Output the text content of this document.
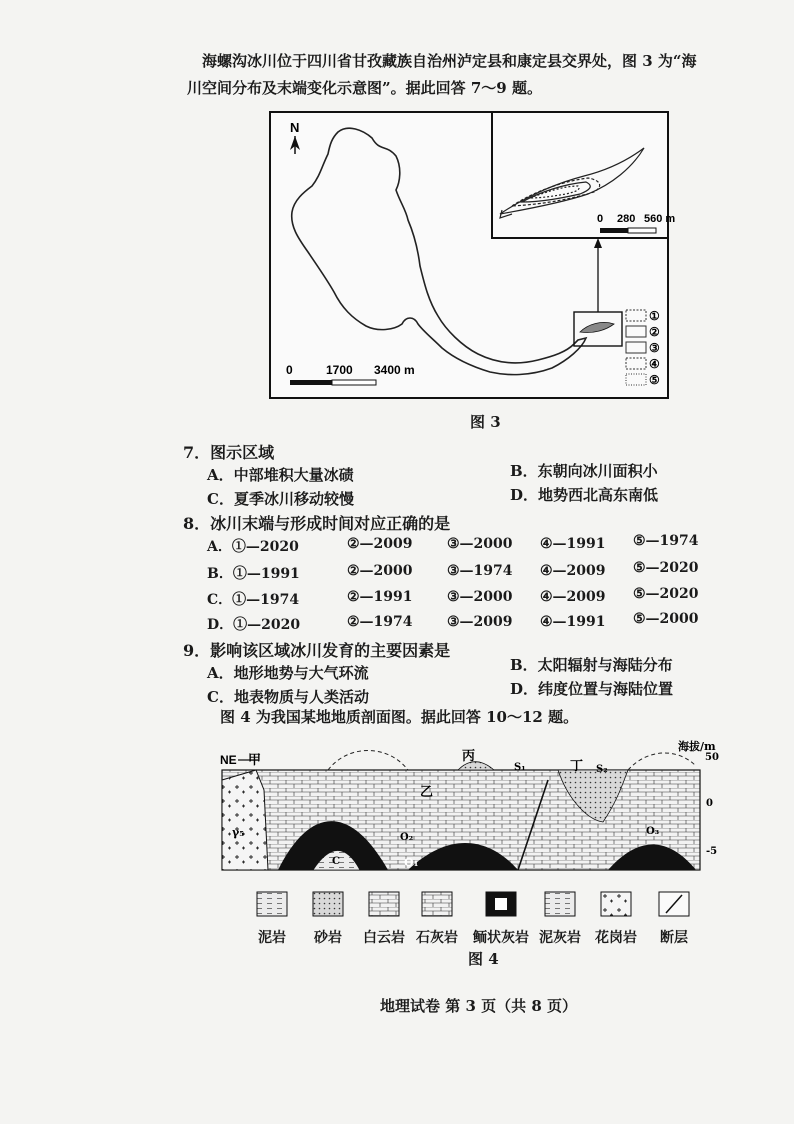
海螺沟冰川位于四川省甘孜藏族自治州泸定县和康定县交界处，图 3 为“海

川空间分布及末端变化示意图”。据此回答 7～9 题。

N
0 280 560 m
0	1700 3400 m
①
②
③
④
⑤
图 3
7．图示区域
A．中部堆积大量冰碛	B．东朝向冰川面积小
C．夏季冰川移动较慢	D．地势西北高东南低
8．冰川末端与形成时间对应正确的是
A．①—2020	②—2009 ③—2000 ④—1991 ⑤—1974
B．①—1991	②—2000 ③—1974 ④—2009 ⑤—2020
C．①—1974	②—1991 ③—2000 ④—2009 ⑤—2020
D．①—2020	②—1974 ③—2009 ④—1991 ⑤—2000
9．影响该区域冰川发育的主要因素是
A．地形地势与大气环流	B．太阳辐射与海陆分布
C．地表物质与人类活动	D．纬度位置与海陆位置
图 4 为我国某地地质剖面图。据此回答 10～12 题。
NE
海拔/m
50
0
-5
甲
乙
丙
丁
S₁	S₂
O₁
O₂
O₃
C
γ₅
泥岩	砂岩	白云岩 石灰岩	鲕状灰岩 泥灰岩	花岗岩	断层
图 4
地理试卷 第 3 页（共 8 页）
